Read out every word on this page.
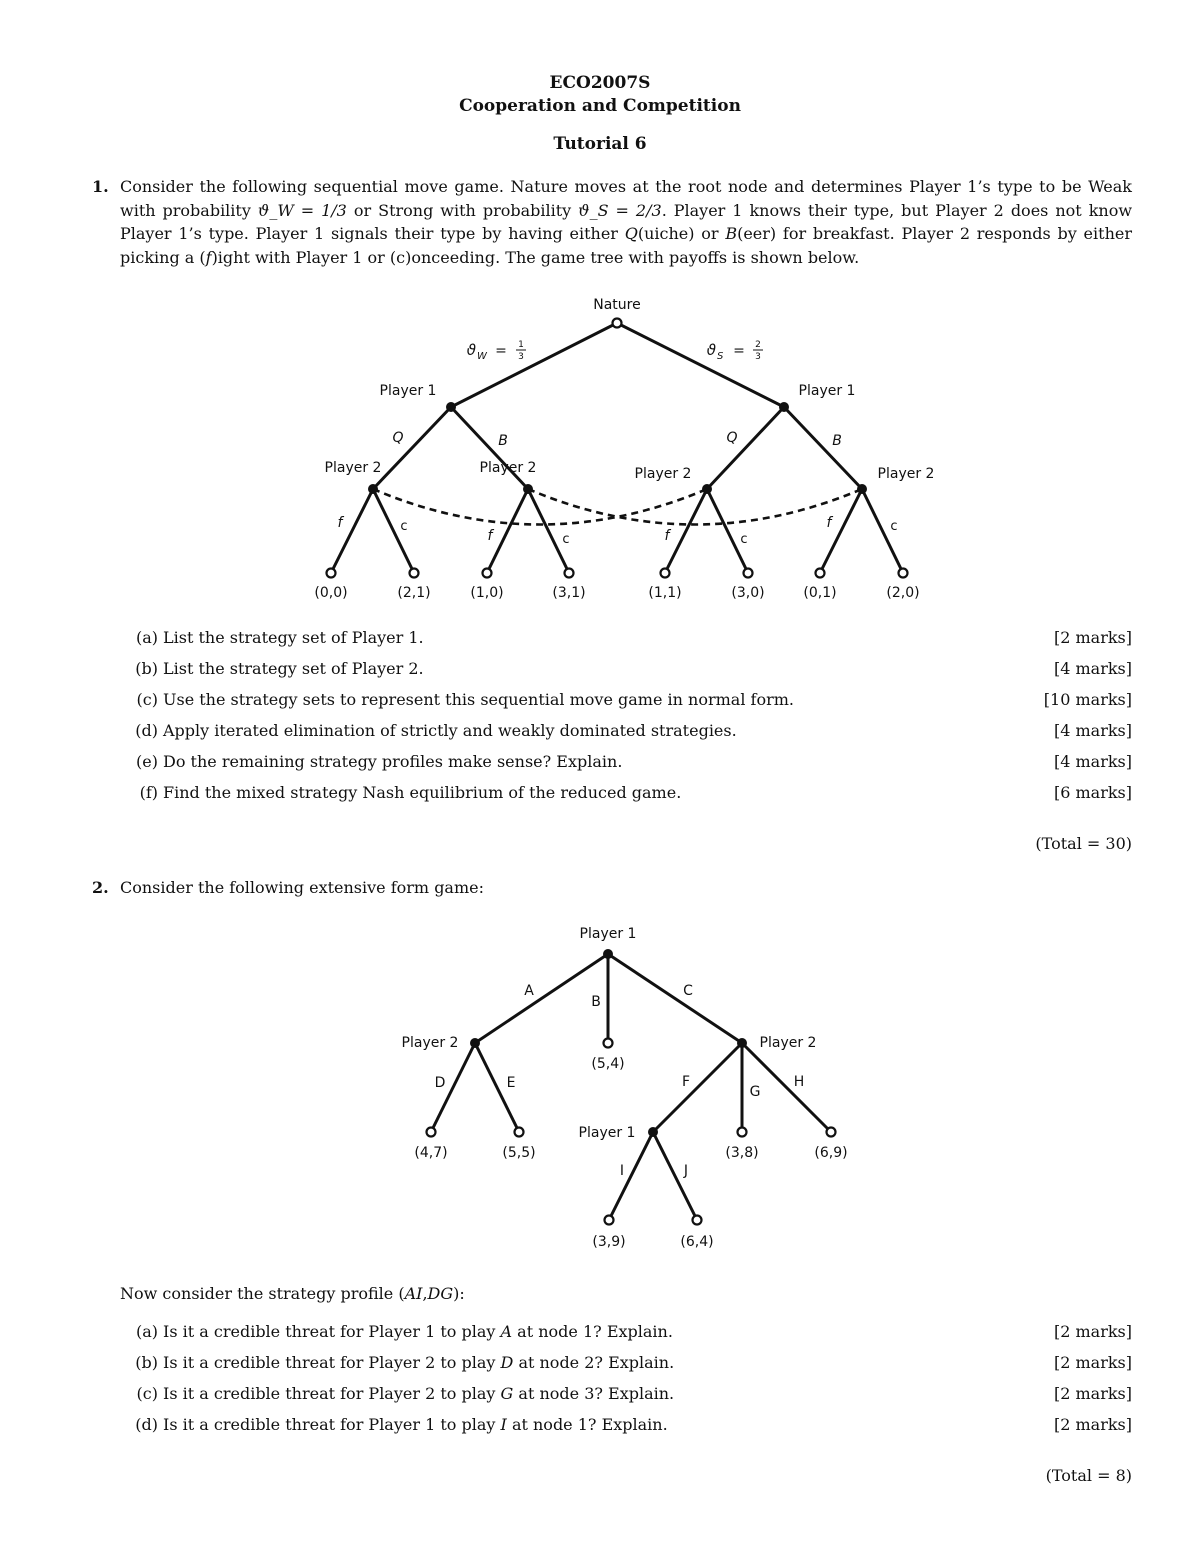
ECO2007S
Cooperation and Competition
Tutorial 6
1. Consider the following sequential move game. Nature moves at the root node and determines Player 1’s type to be Weak with probability ϑ_W = 1/3 or Strong with probability ϑ_S = 2/3. Player 1 knows their type, but Player 2 does not know Player 1’s type. Player 1 signals their type by having either Q(uiche) or B(eer) for breakfast. Player 2 responds by either picking a (f)ight with Player 1 or (c)onceeding. The game tree with payoffs is shown below.
Nature
ϑ W = 1
3	ϑ S = 2
3
Player 1	Player 1
Q	B	Q	B
Player 2	Player 2	Player 2	Player 2
f	c
f	c	f	c
f	c
(0,0)	(2,1)	(1,0)	(3,1)	(1,1)	(3,0)	(0,1)	(2,0)
(a) List the strategy set of Player 1.	[2 marks]
(b) List the strategy set of Player 2.	[4 marks]
(c) Use the strategy sets to represent this sequential move game in normal form.	[10 marks]
(d) Apply iterated elimination of strictly and weakly dominated strategies.	[4 marks]
(e) Do the remaining strategy profiles make sense? Explain.	[4 marks]
(f) Find the mixed strategy Nash equilibrium of the reduced game.	[6 marks]
(Total = 30)
2. Consider the following extensive form game:
Player 1
A
B
C
Player 2	Player 2
D	E	F
G
H
Player 1
I	J
(5,4)
(4,7)	(5,5)	(3,8)	(6,9)
(3,9)	(6,4)
Now consider the strategy profile (AI,DG):
(a) Is it a credible threat for Player 1 to play A at node 1? Explain.	[2 marks]
(b) Is it a credible threat for Player 2 to play D at node 2? Explain.	[2 marks]
(c) Is it a credible threat for Player 2 to play G at node 3? Explain.	[2 marks]
(d) Is it a credible threat for Player 1 to play I at node 1? Explain.	[2 marks]
(Total = 8)
